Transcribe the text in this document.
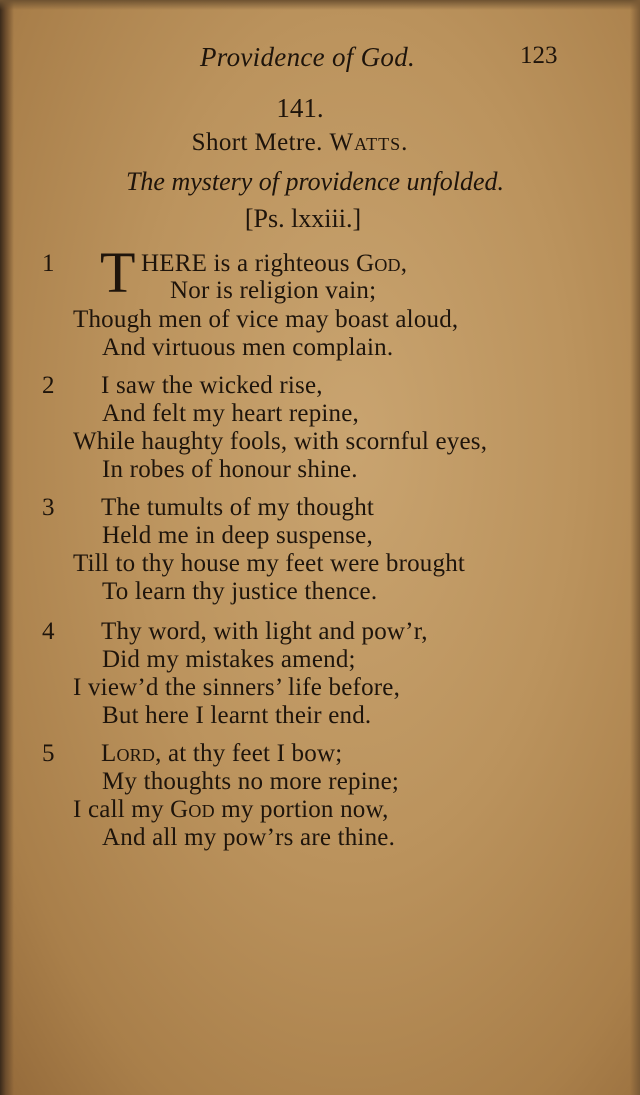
Providence of God.	123
141.
Short Metre. Watts.
The mystery of providence unfolded.
[Ps. lxxiii.]
1 T HERE is a righteous God,
Nor is religion vain;
Though men of vice may boast aloud,
And virtuous men complain.
2 I saw the wicked rise,
And felt my heart repine,
While haughty fools, with scornful eyes,
In robes of honour shine.
3 The tumults of my thought
Held me in deep suspense,
Till to thy house my feet were brought
To learn thy justice thence.
4 Thy word, with light and pow’r,
Did my mistakes amend;
I view’d the sinners’ life before,
But here I learnt their end.
5 Lord, at thy feet I bow;
My thoughts no more repine;
I call my God my portion now,
And all my pow’rs are thine.
